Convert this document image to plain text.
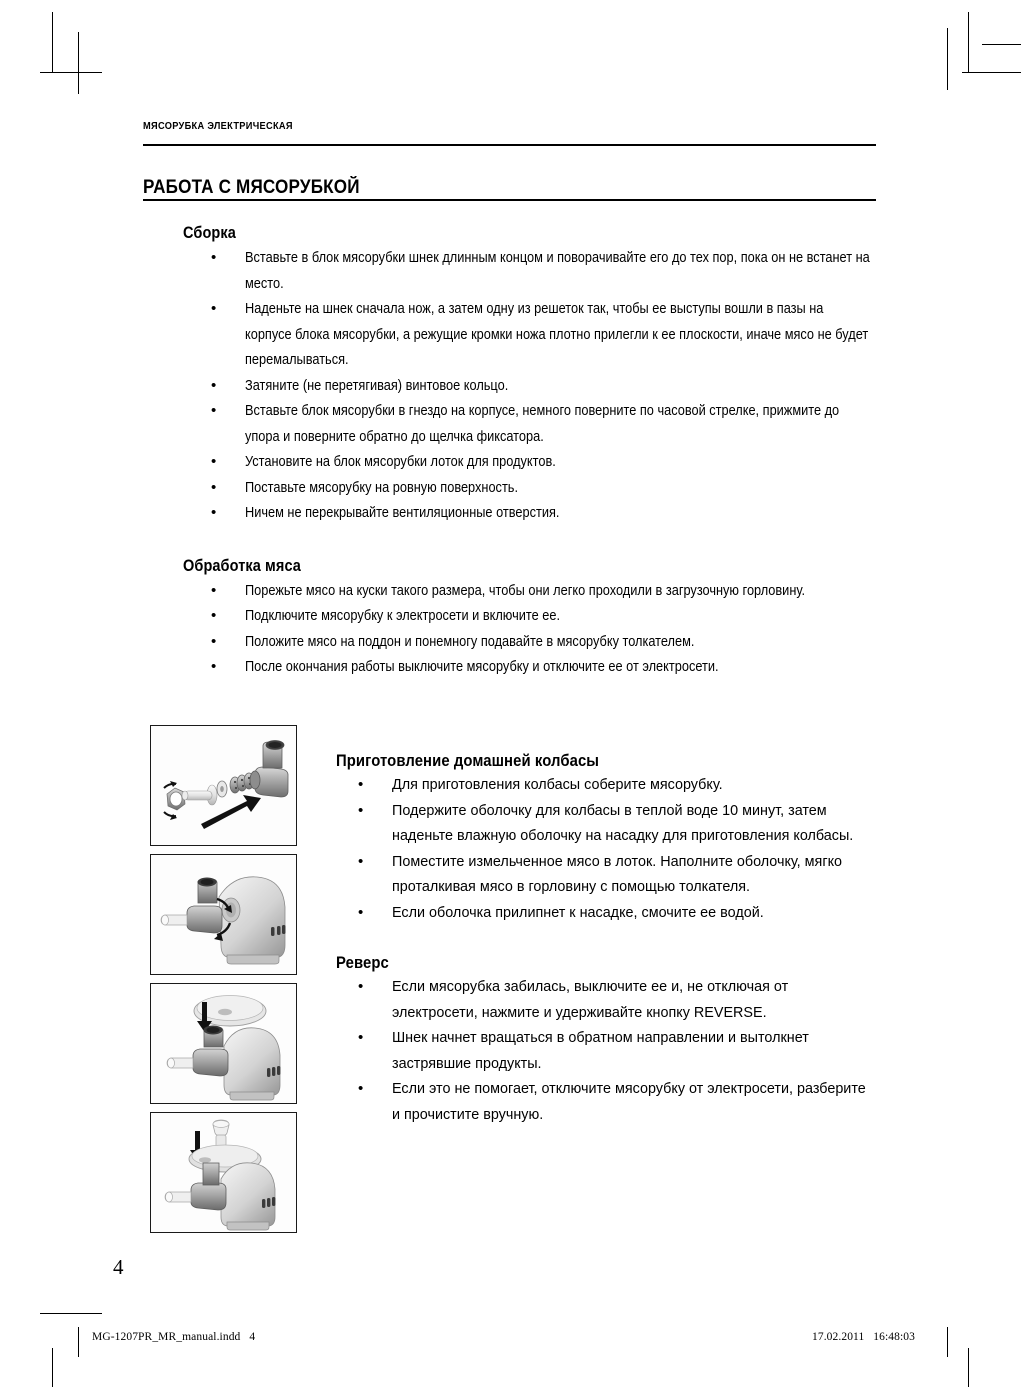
МЯСОРУБКА ЭЛЕКТРИЧЕСКАЯ
РАБОТА С МЯСОРУБКОЙ
Сборка
• Вставьте в блок мясорубки шнек длинным концом и поворачивайте его до тех пор, пока он не встанет на место.
• Наденьте на шнек сначала нож, а затем одну из решеток так, чтобы ее выступы вошли в пазы на корпусе блока мясорубки, а режущие кромки ножа плотно прилегли к ее плоскости, иначе мясо не будет перемалываться.
• Затяните (не перетягивая) винтовое кольцо.
• Вставьте блок мясорубки в гнездо на корпусе, немного поверните по часовой стрелке, прижмите до упора и поверните обратно до щелчка фиксатора.
• Установите на блок мясорубки лоток для продуктов.
• Поставьте мясорубку на ровную поверхность.
• Ничем не перекрывайте вентиляционные отверстия.
Обработка мяса
• Порежьте мясо на куски такого размера, чтобы они легко проходили в загрузочную горловину.
• Подключите мясорубку к электросети и включите ее.
• Положите мясо на поддон и понемногу подавайте в мясорубку толкателем.
• После окончания работы выключите мясорубку и отключите ее от электросети.
Приготовление домашней колбасы
• Для приготовления колбасы соберите мясорубку.
• Подержите оболочку для колбасы в теплой воде 10 минут, затем наденьте влажную оболочку на насадку для приготовления колбасы.
• Поместите измельченное мясо в лоток. Наполните оболочку, мягко проталкивая мясо в горловину с помощью толкателя.
• Если оболочка прилипнет к насадке, смочите ее водой.
Реверс
• Если мясорубка забилась, выключите ее и, не отключая от электросети, нажмите и удерживайте кнопку REVERSE.
• Шнек начнет вращаться в обратном направлении и вытолкнет застрявшие продукты.
• Если это не помогает, отключите мясорубку от электросети, разберите и прочистите вручную.
4
MG-1207PR_MR_manual.indd   4	17.02.2011   16:48:03
